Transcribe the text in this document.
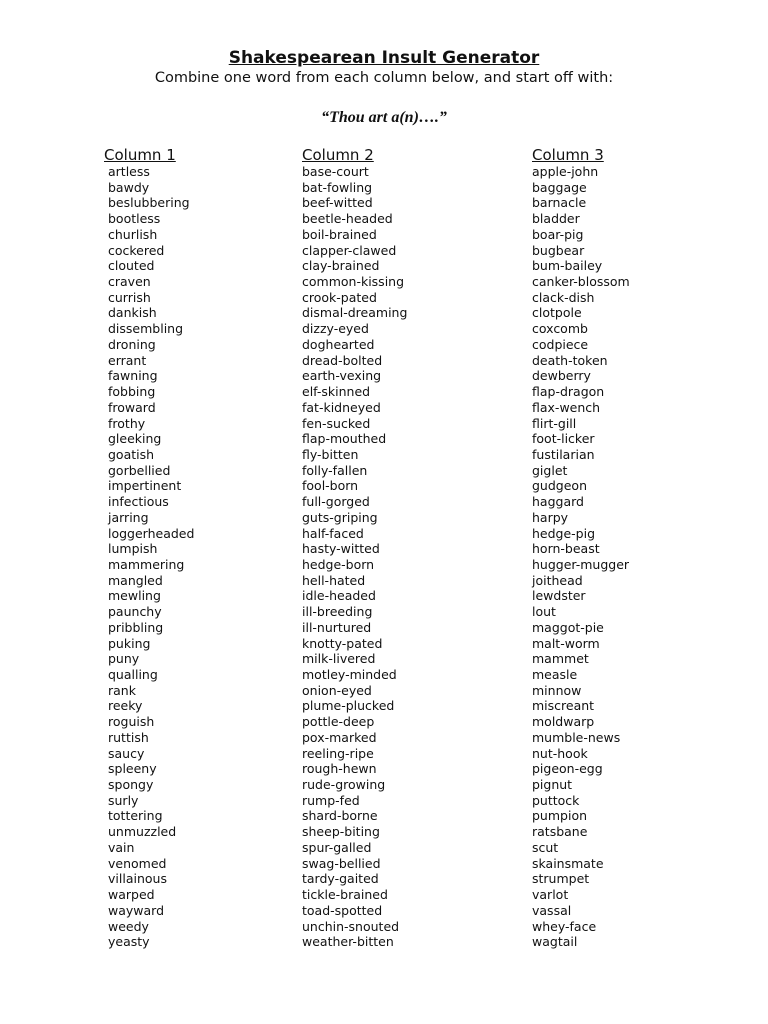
Shakespearean Insult Generator
Combine one word from each column below, and start off with:
“Thou art a(n)….”
Column 1
artless
bawdy
beslubbering
bootless
churlish
cockered
clouted
craven
currish
dankish
dissembling
droning
errant
fawning
fobbing
froward
frothy
gleeking
goatish
gorbellied
impertinent
infectious
jarring
loggerheaded
lumpish
mammering
mangled
mewling
paunchy
pribbling
puking
puny
qualling
rank
reeky
roguish
ruttish
saucy
spleeny
spongy
surly
tottering
unmuzzled
vain
venomed
villainous
warped
wayward
weedy
yeasty
Column 2
base-court
bat-fowling
beef-witted
beetle-headed
boil-brained
clapper-clawed
clay-brained
common-kissing
crook-pated
dismal-dreaming
dizzy-eyed
doghearted
dread-bolted
earth-vexing
elf-skinned
fat-kidneyed
fen-sucked
flap-mouthed
fly-bitten
folly-fallen
fool-born
full-gorged
guts-griping
half-faced
hasty-witted
hedge-born
hell-hated
idle-headed
ill-breeding
ill-nurtured
knotty-pated
milk-livered
motley-minded
onion-eyed
plume-plucked
pottle-deep
pox-marked
reeling-ripe
rough-hewn
rude-growing
rump-fed
shard-borne
sheep-biting
spur-galled
swag-bellied
tardy-gaited
tickle-brained
toad-spotted
unchin-snouted
weather-bitten
Column 3
apple-john
baggage
barnacle
bladder
boar-pig
bugbear
bum-bailey
canker-blossom
clack-dish
clotpole
coxcomb
codpiece
death-token
dewberry
flap-dragon
flax-wench
flirt-gill
foot-licker
fustilarian
giglet
gudgeon
haggard
harpy
hedge-pig
horn-beast
hugger-mugger
joithead
lewdster
lout
maggot-pie
malt-worm
mammet
measle
minnow
miscreant
moldwarp
mumble-news
nut-hook
pigeon-egg
pignut
puttock
pumpion
ratsbane
scut
skainsmate
strumpet
varlot
vassal
whey-face
wagtail
